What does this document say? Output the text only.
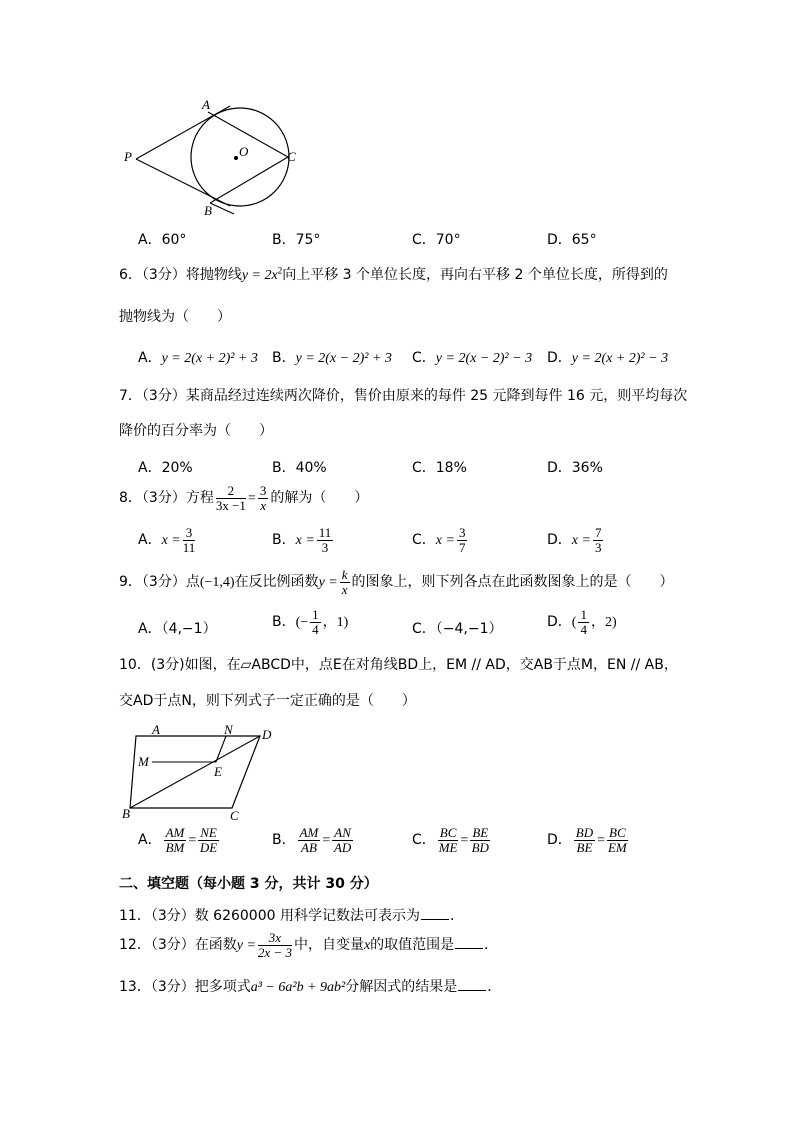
A
B
C
P	O
A．60°	B．75°	C．70°	D．65°
6．（3分）将抛物线$y = 2x^2$向上平移 3 个单位长度，再向右平移 2 个单位长度，所得到的
抛物线为（　　）
A．y = 2(x + 2)² + 3 B．y = 2(x − 2)² + 3 C．y = 2(x − 2)² − 3 D．y = 2(x + 2)² − 3
7．（3分）某商品经过连续两次降价，售价由原来的每件 25 元降到每件 16 元，则平均每次
降价的百分率为（　　）
A．20%	B．40%	C．18%	D．36%
8．（3分）方程 $\frac{2}{3x -1} = \frac{3}{x}$ 的解为（　　）
A．$x = \frac{3}{11}$	B．$x = \frac{11}{3}$	C．$x = \frac{3}{7}$	D．$x = \frac{7}{3}$
9．（3分）点(−1,4)在反比例函数$y = \frac{k}{x}$ 的图象上，则下列各点在此函数图象上的是（　　）
A．（4,−1）	B．(− $\frac{1}{4}$ ，1)	C．（−4,−1）	D．( $\frac{1}{4}$ ，2)
10．(3分)如图，在▱ABCD中，点E在对角线BD上，EM // AD，交AB于点M，EN // AB，
交AD于点N，则下列式子一定正确的是（　　）
A	N D
M
E
B	C
A． $\frac{AM}{BM} = \frac{NE}{DE}$	B． $\frac{AM}{AB} = \frac{AN}{AD}$	C． $\frac{BC}{ME} = \frac{BE}{BD}$	D． $\frac{BD}{BE} = \frac{BC}{EM}$
二、填空题（每小题 3 分，共计 30 分）
11．（3分）数 6260000 用科学记数法可表示为 ．
12．（3分）在函数$y = \frac{3x}{2x - 3}$ 中，自变量x的取值范围是 ．
13．（3分）把多项式a³ − 6a²b + 9ab²分解因式的结果是 ．
